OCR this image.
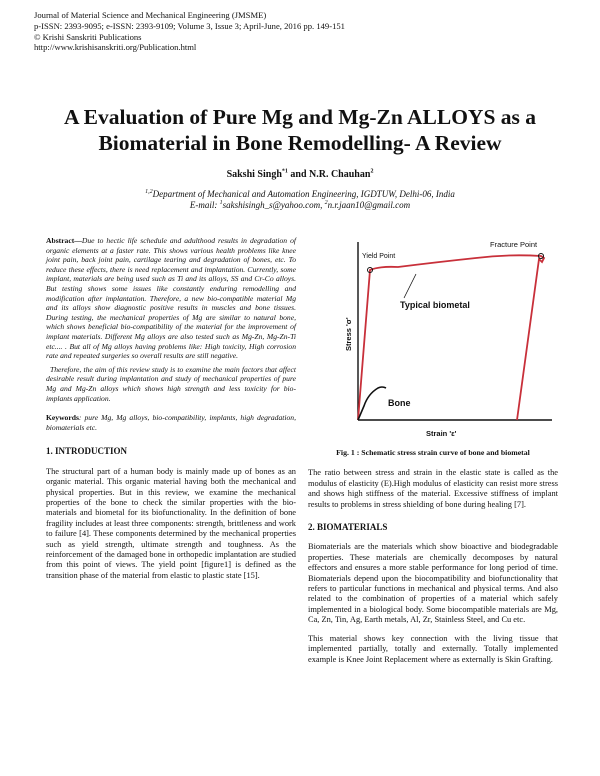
Journal of Material Science and Mechanical Engineering (JMSME)
p-ISSN: 2393-9095; e-ISSN: 2393-9109; Volume 3, Issue 3; April-June, 2016 pp. 149-151
© Krishi Sanskriti Publications
http://www.krishisanskriti.org/Publication.html
A Evaluation of Pure Mg and Mg-Zn ALLOYS as a Biomaterial in Bone Remodelling- A Review
Sakshi Singh$^{*1}$ and N.R. Chauhan$^2$
$^{1,2}$Department of Mechanical and Automation Engineering, IGDTUW, Delhi-06, India
E-mail: $^1$sakshisingh_s@yahoo.com, $^2$n.r.jaan10@gmail.com

Abstract—Due to hectic life schedule and adulthood results in degradation of organic elements at a faster rate. This shows various health problems like knee joint pain, back joint pain, cartilage tearing and degradation of bones, etc. To reduce these effects, there is need replacement and implantation. Currently, some implant, materials are being used such as Ti and its alloys, SS and Cr-Co alloys. But testing shows some issues like constantly enduring remodelling and modification after implantation. Therefore, a new bio-compatible material Mg and its alloys show diagnostic positive results in muscles and bone tissues. During testing, the mechanical properties of Mg are similar to natural bone, which shows beneficial bio-compatibility of the material for the improvement of implant materials. Different Mg alloys are also tested such as Mg-Zn, Mg-Zn-Ti etc.... . But all of Mg alloys having problems like: High toxicity, High corrosion rate and repeated surgeries so overall results are still negative.

Therefore, the aim of this review study is to examine the main factors that affect desirable result during implantation and study of mechanical properties of pure Mg and Mg-Zn alloys which shows high strength and less toxicity for bio-implants application.

Keywords: pure Mg, Mg alloys, bio-compatibility, implants, high degradation, biomaterials etc.

1. INTRODUCTION

The structural part of a human body is mainly made up of bones as an organic material. This organic material having both the mechanical and physical properties. But in this review, we examine the mechanical properties of the bone to check the similar properties with the bio-materials and biometal for its biofunctionality. In the definition of bone fragility includes at least three components: strength, brittleness and work to failure [4]. These components determined by the mechanical properties such as yield strength, ultimate strength and toughness. As the reinforcement of the damaged bone in orthopedic implantation are studied from this point of views. The yield point [figure1] is defined as the transition phase of the material from elastic to plastic state [15].

Yield Point
Fracture Point
Typical biometal
Bone
Stress 'σ'
Strain 'ε'
Fig. 1 : Schematic stress strain curve of bone and biometal

The ratio between stress and strain in the elastic state is called as the modulus of elasticity (E).High modulus of elasticity can resist more stress and shows high stiffness of the material. Excessive stiffness of implant results to problems in stress shielding of bone during healing [7].

2. BIOMATERIALS

Biomaterials are the materials which show bioactive and biodegradable properties. These materials are chemically decomposes by natural effectors and ensures a more stable performance for long period of time. Biomaterials depend upon the biocompatibility and biofunctionality that refers to particular functions in mechanical and physical terms. And also related to the combination of properties of a material which safely implemented in a biological body. Some biocompatible materials are Mg, Ca, Zn, Tin, Ag, Earth metals, Al, Zr, Stainless Steel, and Cu etc.

This material shows key connection with the living tissue that implemented partially, totally and externally. Totally implemented example is Knee Joint Replacement where as externally is Skin Grafting.
